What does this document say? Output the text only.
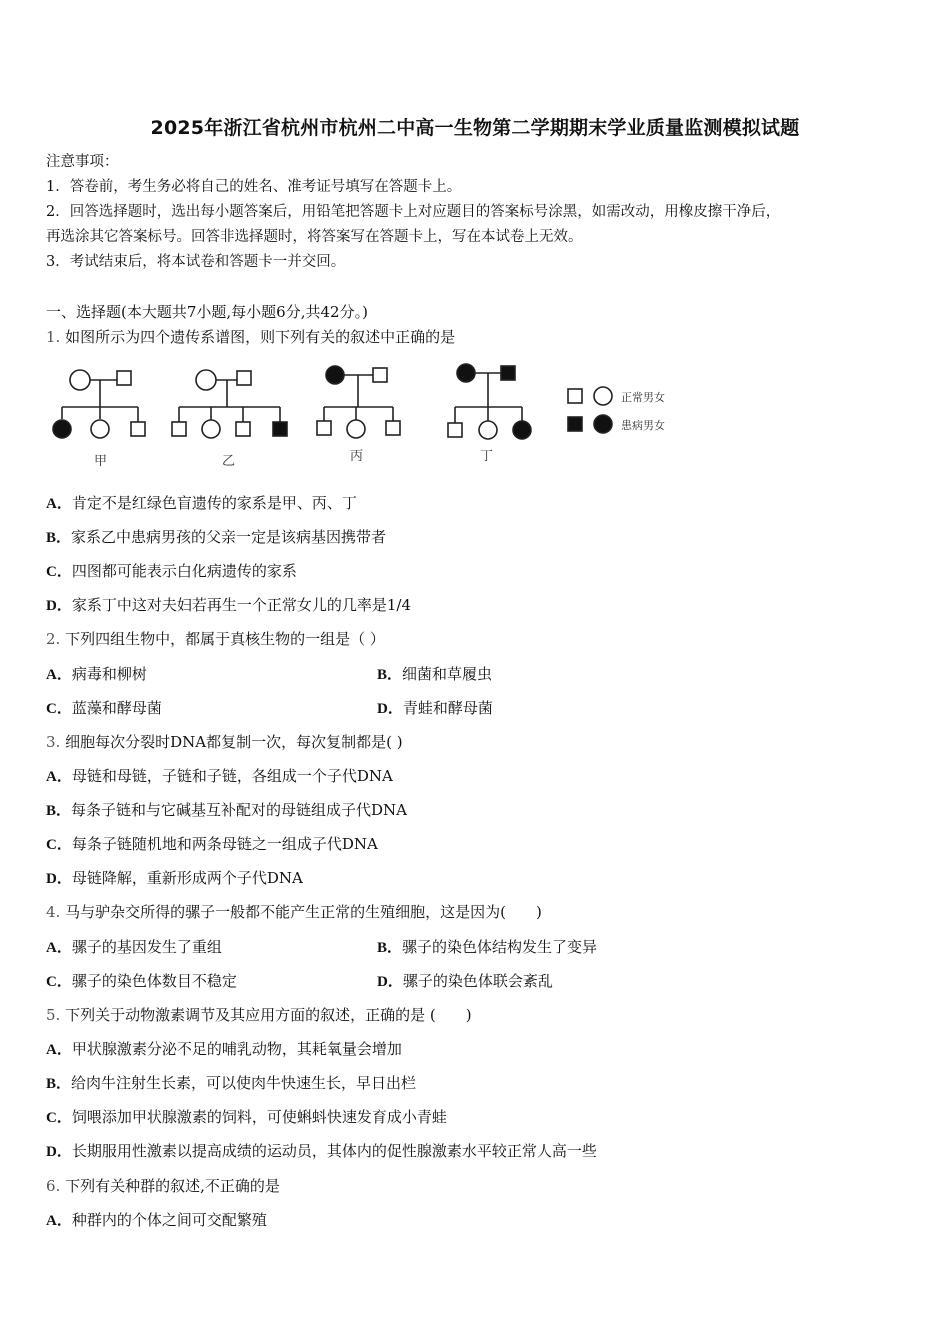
2025年浙江省杭州市杭州二中高一生物第二学期期末学业质量监测模拟试题
注意事项：
1．答卷前，考生务必将自己的姓名、准考证号填写在答题卡上。
2．回答选择题时，选出每小题答案后，用铅笔把答题卡上对应题目的答案标号涂黑，如需改动，用橡皮擦干净后，
再选涂其它答案标号。回答非选择题时，将答案写在答题卡上，写在本试卷上无效。
3．考试结束后，将本试卷和答题卡一并交回。
一、选择题(本大题共7小题,每小题6分,共42分。)
1. 如图所示为四个遗传系谱图，则下列有关的叙述中正确的是
甲	乙	丙	丁
正常男女
患病男女
A．肯定不是红绿色盲遗传的家系是甲、丙、丁
B．家系乙中患病男孩的父亲一定是该病基因携带者
C．四图都可能表示白化病遗传的家系
D．家系丁中这对夫妇若再生一个正常女儿的几率是1/4
2. 下列四组生物中，都属于真核生物的一组是（ ）
A．病毒和柳树	B．细菌和草履虫
C．蓝藻和酵母菌	D．青蛙和酵母菌
3. 细胞每次分裂时DNA都复制一次，每次复制都是( )
A．母链和母链，子链和子链，各组成一个子代DNA
B．每条子链和与它碱基互补配对的母链组成子代DNA
C．每条子链随机地和两条母链之一组成子代DNA
D．母链降解，重新形成两个子代DNA
4. 马与驴杂交所得的骡子一般都不能产生正常的生殖细胞，这是因为(　　)
A．骡子的基因发生了重组	B．骡子的染色体结构发生了变异
C．骡子的染色体数目不稳定	D．骡子的染色体联会紊乱
5. 下列关于动物激素调节及其应用方面的叙述，正确的是 (　　)
A．甲状腺激素分泌不足的哺乳动物，其耗氧量会增加
B．给肉牛注射生长素，可以使肉牛快速生长，早日出栏
C．饲喂添加甲状腺激素的饲料，可使蝌蚪快速发育成小青蛙
D．长期服用性激素以提高成绩的运动员，其体内的促性腺激素水平较正常人高一些
6. 下列有关种群的叙述,不正确的是
A．种群内的个体之间可交配繁殖
